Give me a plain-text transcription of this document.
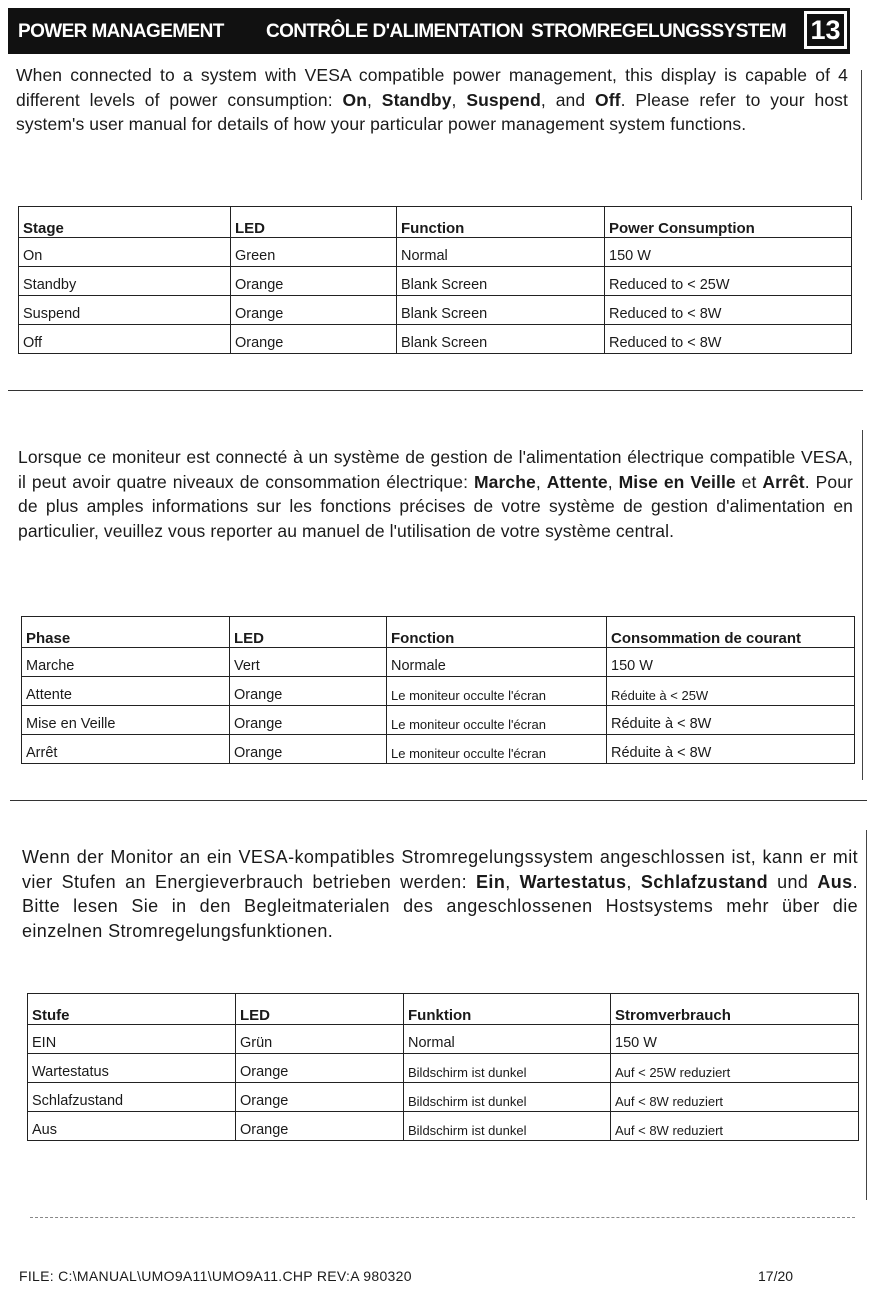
POWER MANAGEMENT CONTRÔLE D'ALIMENTATION STROMREGELUNGSSYSTEM 13

When connected to a system with VESA compatible power management, this display is capable of 4 different levels of power consumption: On, Standby, Suspend, and Off. Please refer to your host system's user manual for details of how your particular power management system functions.

Stage	LED	Function	Power Consumption
On	Green	Normal	150 W
Standby	Orange	Blank Screen	Reduced to < 25W
Suspend	Orange	Blank Screen	Reduced to < 8W
Off	Orange	Blank Screen	Reduced to < 8W

Lorsque ce moniteur est connecté à un système de gestion de l'alimentation électrique compatible VESA, il peut avoir quatre niveaux de consommation électrique: Marche, Attente, Mise en Veille et Arrêt. Pour de plus amples informations sur les fonctions précises de votre système de gestion d'alimentation en particulier, veuillez vous reporter au manuel de l'utilisation de votre système central.

Phase	LED	Fonction	Consommation de courant
Marche	Vert	Normale	150 W
Attente	Orange	Le moniteur occulte l'écran	Réduite à < 25W
Mise en Veille	Orange	Le moniteur occulte l'écran	Réduite à < 8W
Arrêt	Orange	Le moniteur occulte l'écran	Réduite à < 8W

Wenn der Monitor an ein VESA-kompatibles Stromregelungssystem angeschlossen ist, kann er mit vier Stufen an Energieverbrauch betrieben werden: Ein, Wartestatus, Schlafzustand und Aus. Bitte lesen Sie in den Begleitmaterialen des angeschlossenen Hostsystems mehr über die einzelnen Stromregelungsfunktionen.

Stufe	LED	Funktion	Stromverbrauch
EIN	Grün	Normal	150 W
Wartestatus	Orange	Bildschirm ist dunkel	Auf < 25W reduziert
Schlafzustand	Orange	Bildschirm ist dunkel	Auf < 8W reduziert
Aus	Orange	Bildschirm ist dunkel	Auf < 8W reduziert
FILE: C:\MANUAL\UMO9A11\UMO9A11.CHP REV:A 980320	17/20
